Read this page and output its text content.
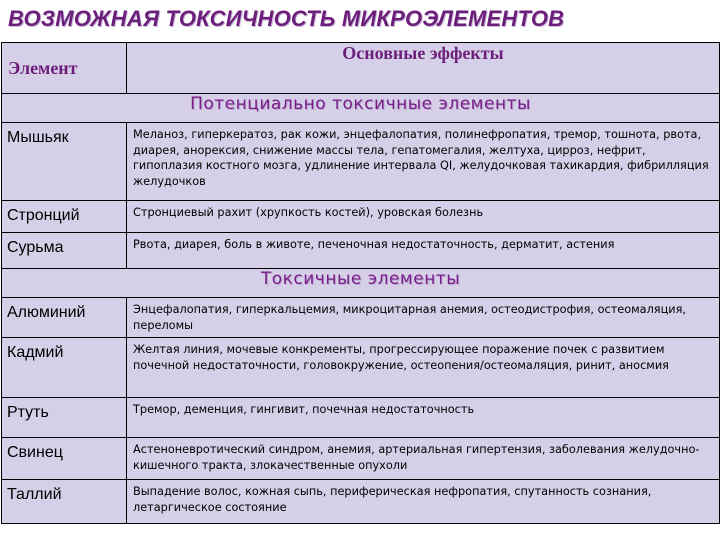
ВОЗМОЖНАЯ ТОКСИЧНОСТЬ МИКРОЭЛЕМЕНТОВ
Элемент	Основные эффекты
Потенциально токсичные элементы	
Мышьяк	Меланоз, гиперкератоз, рак кожи, энцефалопатия, полинефропатия, тремор, тошнота, рвота, диарея, анорексия, снижение массы тела, гепатомегалия, желтуха, цирроз, нефрит, гипоплазия костного мозга, удлинение интервала QI, желудочковая тахикардия, фибрилляция желудочков
Стронций	Стронциевый рахит (хрупкость костей), уровская болезнь
Сурьма	Рвота, диарея, боль в животе, печеночная недостаточность, дерматит, астения
Токсичные элементы	
Алюминий	Энцефалопатия, гиперкальцемия, микроцитарная анемия, остеодистрофия, остеомаляция, переломы
Кадмий	Желтая линия, мочевые конкременты, прогрессирующее поражение почек с развитием почечной недостаточности, головокружение, остеопения/остеомаляция, ринит, аносмия
Ртуть	Тремор, деменция, гингивит, почечная недостаточность
Свинец	Астеноневротический синдром, анемия, артериальная гипертензия, заболевания желудочно-кишечного тракта, злокачественные опухоли
Таллий	Выпадение волос, кожная сыпь, периферическая нефропатия, спутанность сознания, летаргическое состояние
